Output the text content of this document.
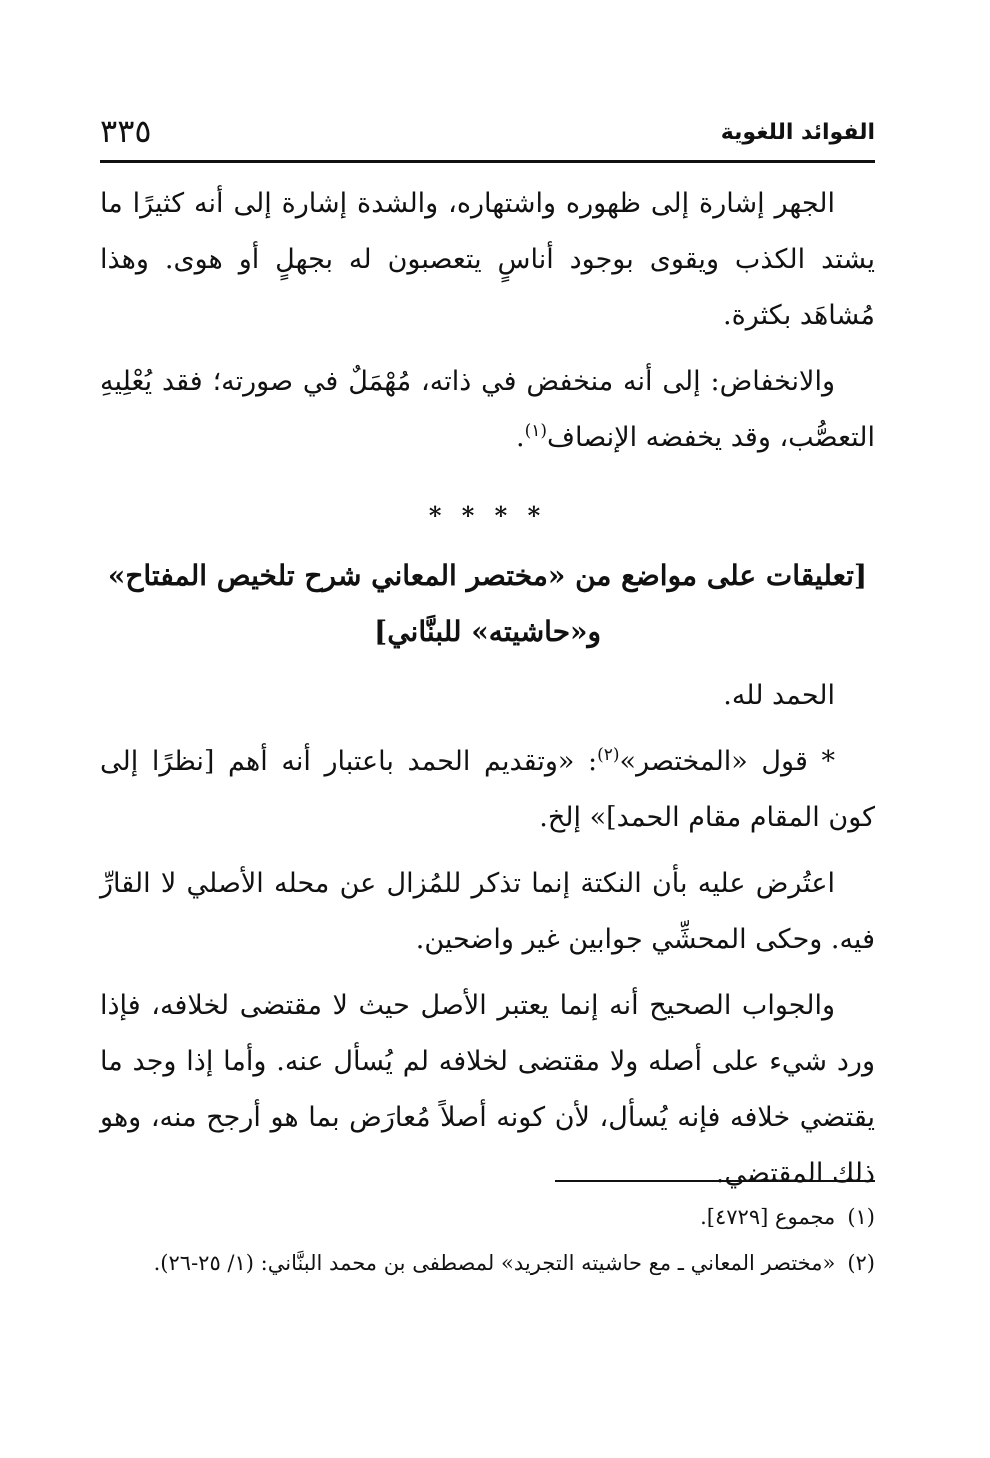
الفوائد اللغوية
٣٣٥

الجهر إشارة إلى ظهوره واشتهاره، والشدة إشارة إلى أنه كثيرًا ما يشتد الكذب ويقوى بوجود أناسٍ يتعصبون له بجهلٍ أو هوى. وهذا مُشاهَد بكثرة.

والانخفاض: إلى أنه منخفض في ذاته، مُهْمَلٌ في صورته؛ فقد يُعْلِيهِ التعصُّب، وقد يخفضه الإنصاف$^{(١)}$.

* * * *

[تعليقات على مواضع من «مختصر المعاني شرح تلخيص المفتاح»
و«حاشيته» للبنَّاني]

الحمد لله.

* قول «المختصر»$^{(٢)}$: «وتقديم الحمد باعتبار أنه أهم [نظرًا إلى كون المقام مقام الحمد]» إلخ.

اعتُرض عليه بأن النكتة إنما تذكر للمُزال عن محله الأصلي لا القارِّ فيه. وحكى المحشِّي جوابين غير واضحين.

والجواب الصحيح أنه إنما يعتبر الأصل حيث لا مقتضى لخلافه، فإذا ورد شيء على أصله ولا مقتضى لخلافه لم يُسأل عنه. وأما إذا وجد ما يقتضي خلافه فإنه يُسأل، لأن كونه أصلاً مُعارَض بما هو أرجح منه، وهو ذلك المقتضي.

(١)مجموع [٤٧٢٩].

(٢)«مختصر المعاني ـ مع حاشيته التجريد» لمصطفى بن محمد البنَّاني: (١/ ٢٥-٢٦).
